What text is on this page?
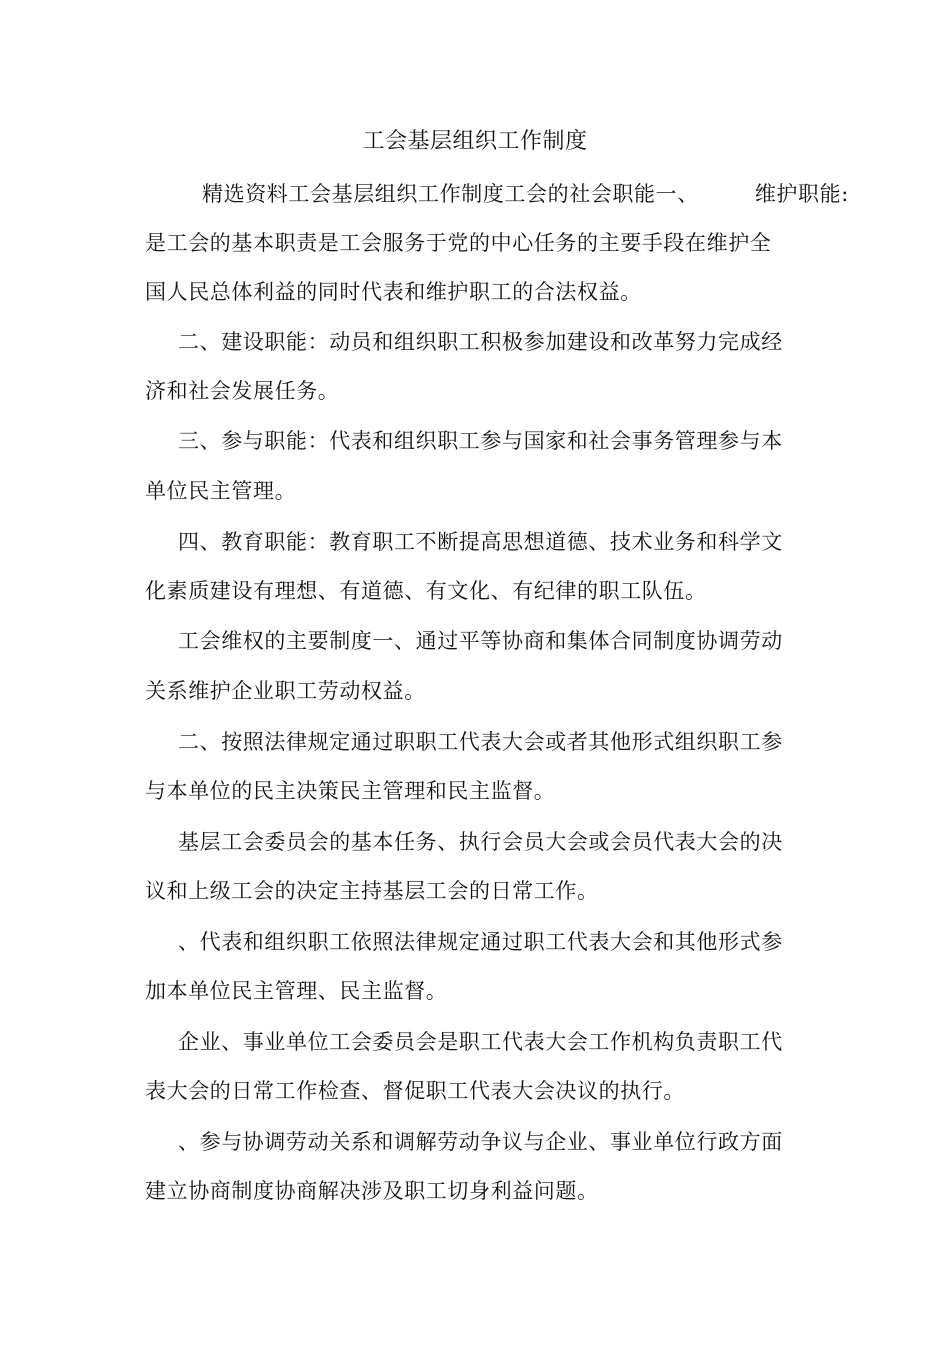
工会基层组织工作制度
精选资料工会基层组织工作制度工会的社会职能一、	维护职能:
是工会的基本职责是工会服务于党的中心任务的主要手段在维护全
国人民总体利益的同时代表和维护职工的合法权益。
二、建设职能：动员和组织职工积极参加建设和改革努力完成经
济和社会发展任务。
三、参与职能：代表和组织职工参与国家和社会事务管理参与本
单位民主管理。
四、教育职能：教育职工不断提高思想道德、技术业务和科学文
化素质建设有理想、有道德、有文化、有纪律的职工队伍。
工会维权的主要制度一、通过平等协商和集体合同制度协调劳动
关系维护企业职工劳动权益。
二、按照法律规定通过职职工代表大会或者其他形式组织职工参
与本单位的民主决策民主管理和民主监督。
基层工会委员会的基本任务、执行会员大会或会员代表大会的决
议和上级工会的决定主持基层工会的日常工作。
、代表和组织职工依照法律规定通过职工代表大会和其他形式参
加本单位民主管理、民主监督。
企业、事业单位工会委员会是职工代表大会工作机构负责职工代
表大会的日常工作检查、督促职工代表大会决议的执行。
、参与协调劳动关系和调解劳动争议与企业、事业单位行政方面
建立协商制度协商解决涉及职工切身利益问题。
